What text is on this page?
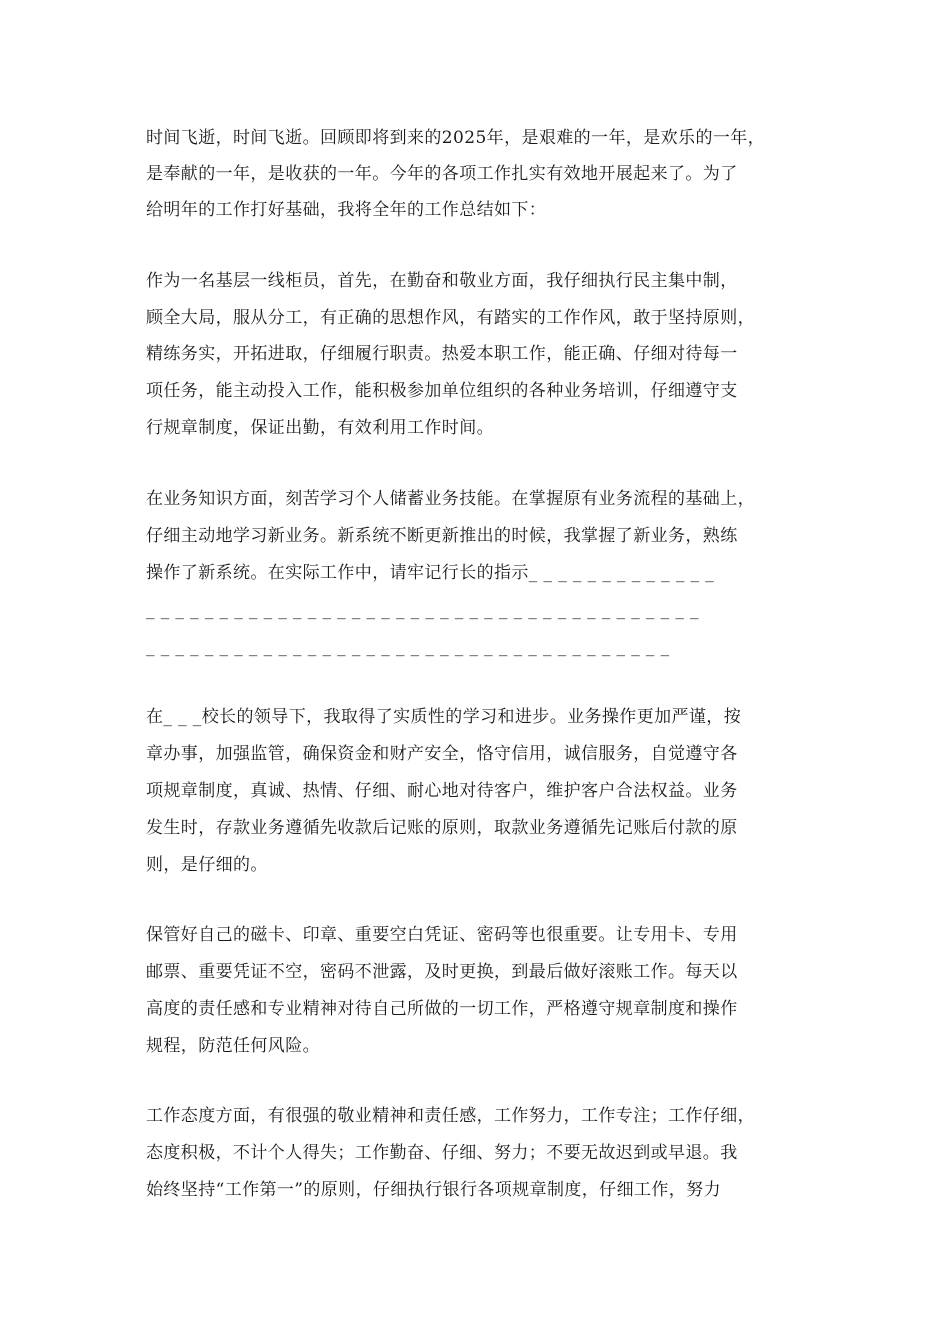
时间飞逝，时间飞逝。回顾即将到来的2025年，是艰难的一年，是欢乐的一年，
是奉献的一年，是收获的一年。今年的各项工作扎实有效地开展起来了。为了
给明年的工作打好基础，我将全年的工作总结如下：
作为一名基层一线柜员，首先，在勤奋和敬业方面，我仔细执行民主集中制，
顾全大局，服从分工，有正确的思想作风，有踏实的工作作风，敢于坚持原则，
精练务实，开拓进取，仔细履行职责。热爱本职工作，能正确、仔细对待每一
项任务，能主动投入工作，能积极参加单位组织的各种业务培训，仔细遵守支
行规章制度，保证出勤，有效利用工作时间。
在业务知识方面，刻苦学习个人储蓄业务技能。在掌握原有业务流程的基础上，
仔细主动地学习新业务。新系统不断更新推出的时候，我掌握了新业务，熟练
操作了新系统。在实际工作中，请牢记行长的指示_ _ _ _ _ _ _ _ _ _ _ _ _
_ _ _ _ _ _ _ _ _ _ _ _ _ _ _ _ _ _ _ _ _ _ _ _ _ _ _ _ _ _ _ _ _ _ _ _ _ _
_ _ _ _ _ _ _ _ _ _ _ _ _ _ _ _ _ _ _ _ _ _ _ _ _ _ _ _ _ _ _ _ _ _ _ _
在_ _ _校长的领导下，我取得了实质性的学习和进步。业务操作更加严谨，按
章办事，加强监管，确保资金和财产安全，恪守信用，诚信服务，自觉遵守各
项规章制度，真诚、热情、仔细、耐心地对待客户，维护客户合法权益。业务
发生时，存款业务遵循先收款后记账的原则，取款业务遵循先记账后付款的原
则，是仔细的。
保管好自己的磁卡、印章、重要空白凭证、密码等也很重要。让专用卡、专用
邮票、重要凭证不空，密码不泄露，及时更换，到最后做好滚账工作。每天以
高度的责任感和专业精神对待自己所做的一切工作，严格遵守规章制度和操作
规程，防范任何风险。
工作态度方面，有很强的敬业精神和责任感，工作努力，工作专注；工作仔细，
态度积极，不计个人得失；工作勤奋、仔细、努力；不要无故迟到或早退。我
始终坚持“工作第一”的原则，仔细执行银行各项规章制度，仔细工作，努力
